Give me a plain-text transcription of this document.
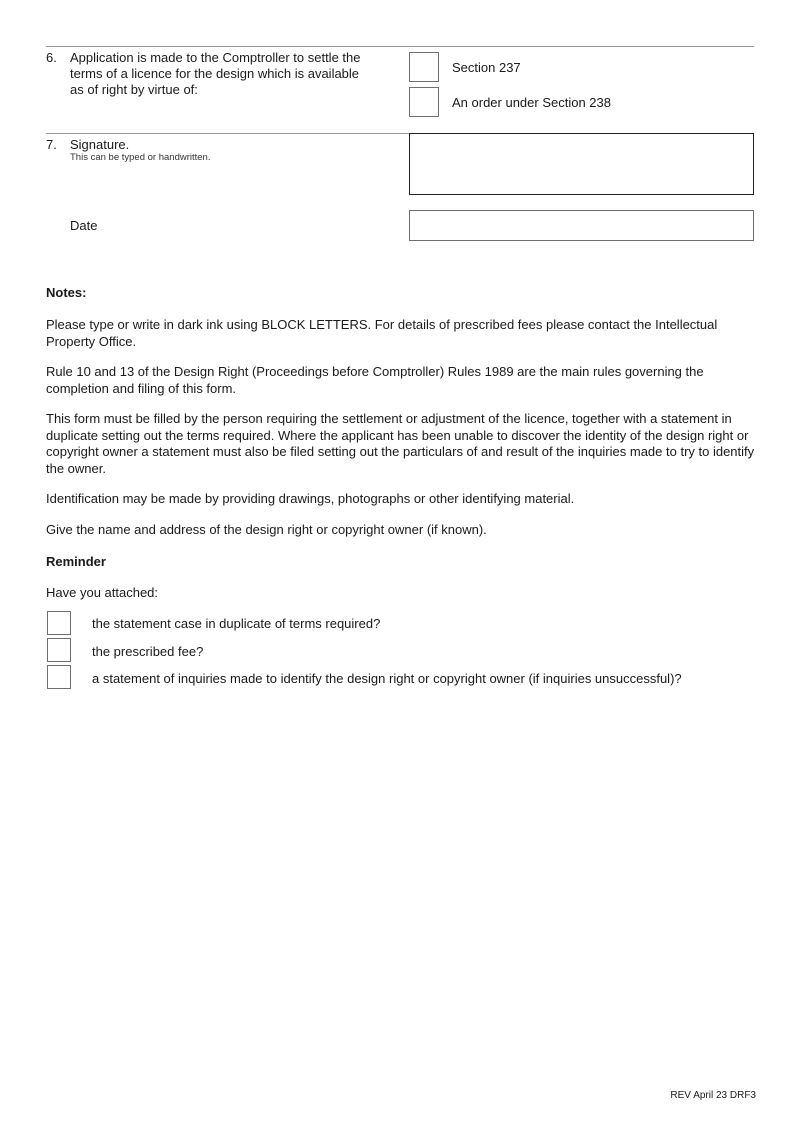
6. Application is made to the Comptroller to settle the terms of a licence for the design which is available as of right by virtue of:
Section 237
An order under Section 238
7. Signature.
This can be typed or handwritten.
Date

Notes:

Please type or write in dark ink using BLOCK LETTERS. For details of prescribed fees please contact the Intellectual Property Office.

Rule 10 and 13 of the Design Right (Proceedings before Comptroller) Rules 1989 are the main rules governing the completion and filing of this form.

This form must be filled by the person requiring the settlement or adjustment of the licence, together with a statement in duplicate setting out the terms required. Where the applicant has been unable to discover the identity of the design right or copyright owner a statement must also be filed setting out the particulars of and result of the inquiries made to try to identify the owner.

Identification may be made by providing drawings, photographs or other identifying material.

Give the name and address of the design right or copyright owner (if known).

Reminder

Have you attached:

the statement case in duplicate of terms required?
the prescribed fee?
a statement of inquiries made to identify the design right or copyright owner (if inquiries unsuccessful)?
REV April 23 DRF3
